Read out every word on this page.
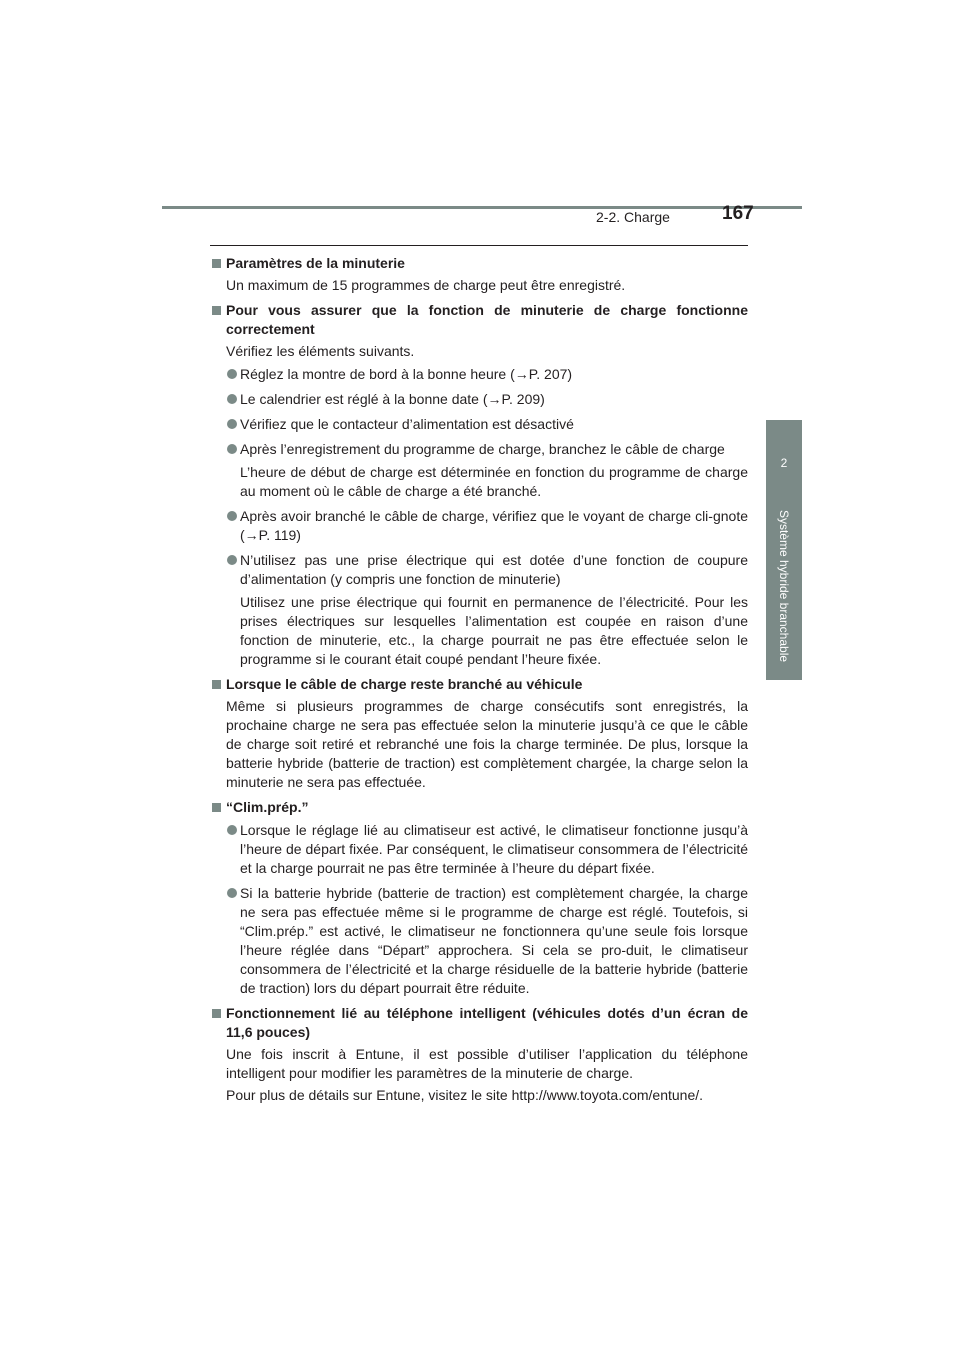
2-2. Charge	167
2
Système hybride branchable
Paramètres de la minuterie
Un maximum de 15 programmes de charge peut être enregistré.
Pour vous assurer que la fonction de minuterie de charge fonctionne correctement
Vérifiez les éléments suivants.
Réglez la montre de bord à la bonne heure (→P. 207)
Le calendrier est réglé à la bonne date (→P. 209)
Vérifiez que le contacteur d’alimentation est désactivé
Après l’enregistrement du programme de charge, branchez le câble de charge
L’heure de début de charge est déterminée en fonction du programme de charge au moment où le câble de charge a été branché.
Après avoir branché le câble de charge, vérifiez que le voyant de charge cli-gnote (→P. 119)
N’utilisez pas une prise électrique qui est dotée d’une fonction de coupure d’alimentation (y compris une fonction de minuterie)
Utilisez une prise électrique qui fournit en permanence de l’électricité. Pour les prises électriques sur lesquelles l’alimentation est coupée en raison d’une fonction de minuterie, etc., la charge pourrait ne pas être effectuée selon le programme si le courant était coupé pendant l’heure fixée.
Lorsque le câble de charge reste branché au véhicule
Même si plusieurs programmes de charge consécutifs sont enregistrés, la prochaine charge ne sera pas effectuée selon la minuterie jusqu’à ce que le câble de charge soit retiré et rebranché une fois la charge terminée. De plus, lorsque la batterie hybride (batterie de traction) est complètement chargée, la charge selon la minuterie ne sera pas effectuée.
“Clim.prép.”
Lorsque le réglage lié au climatiseur est activé, le climatiseur fonctionne jusqu’à l’heure de départ fixée. Par conséquent, le climatiseur consommera de l’électricité et la charge pourrait ne pas être terminée à l’heure du départ fixée.
Si la batterie hybride (batterie de traction) est complètement chargée, la charge ne sera pas effectuée même si le programme de charge est réglé. Toutefois, si “Clim.prép.” est activé, le climatiseur ne fonctionnera qu’une seule fois lorsque l’heure réglée dans “Départ” approchera. Si cela se pro-duit, le climatiseur consommera de l’électricité et la charge résiduelle de la batterie hybride (batterie de traction) lors du départ pourrait être réduite.
Fonctionnement lié au téléphone intelligent (véhicules dotés d’un écran de 11,6 pouces)
Une fois inscrit à Entune, il est possible d’utiliser l’application du téléphone intelligent pour modifier les paramètres de la minuterie de charge.
Pour plus de détails sur Entune, visitez le site http://www.toyota.com/entune/.
